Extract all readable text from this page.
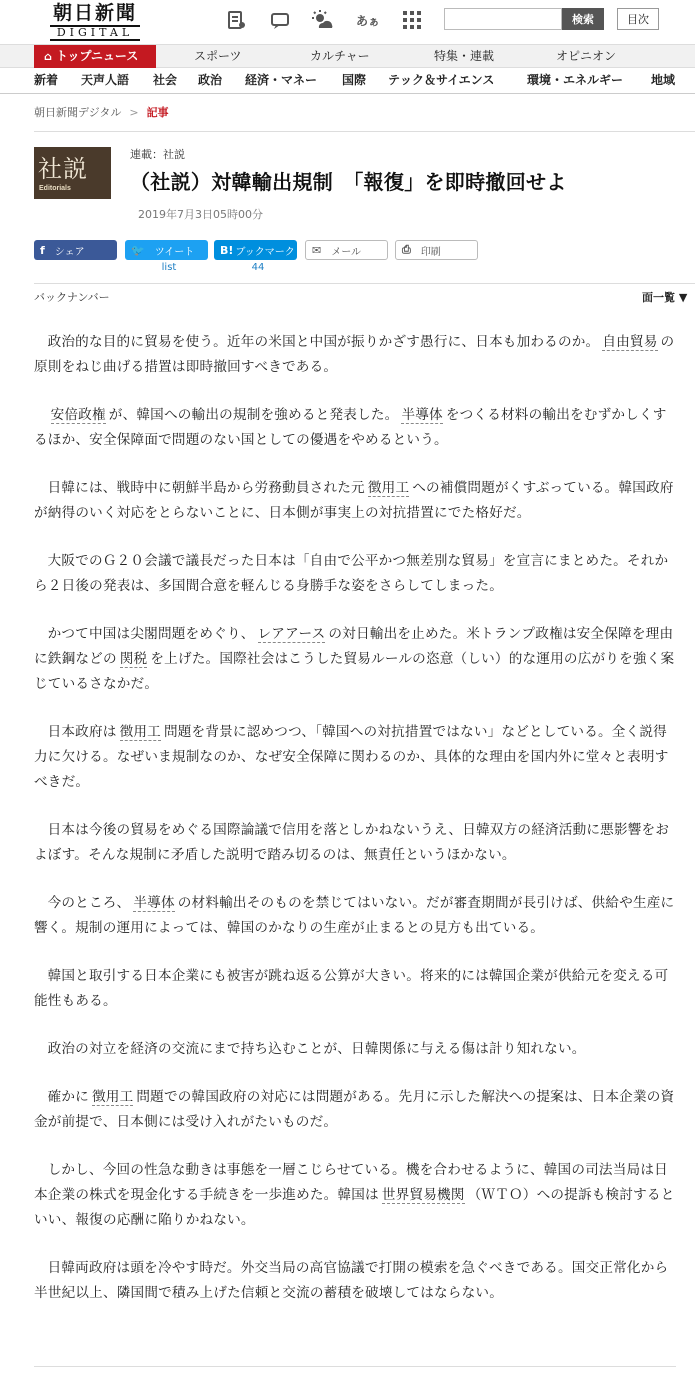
朝日新聞
DIGITAL
あぁ	検索	目次
⌂ トップニュース	スポーツ	カルチャー	特集・連載	オピニオン
新着 天声人語 社会 政治 経済・マネー 国際 テック＆サイエンス	環境・エネルギー 地域
朝日新聞デジタル > 記事
社説
Editorials
連載：社説
（社説）対韓輸出規制　「報復」を即時撤回せよ
2019年7月3日05時00分
f シェア	🐦 ツイート B! ブックマーク ✉ メール	⎙ 印刷
list	44
バックナンバー	面一覧 ▼

政治的な目的に貿易を使う。近年の米国と中国が振りかざす愚行に、日本も加わるのか。 自由貿易 の原則をねじ曲げる措置は即時撤回すべきである。

安倍政権 が、韓国への輸出の規制を強めると発表した。 半導体 をつくる材料の輸出をむずかしくするほか、安全保障面で問題のない国としての優遇をやめるという。

日韓には、戦時中に朝鮮半島から労務動員された元 徴用工 への補償問題がくすぶっている。韓国政府が納得のいく対応をとらないことに、日本側が事実上の対抗措置にでた格好だ。

大阪でのＧ２０会議で議長だった日本は「自由で公平かつ無差別な貿易」を宣言にまとめた。それから２日後の発表は、多国間合意を軽んじる身勝手な姿をさらしてしまった。

かつて中国は尖閣問題をめぐり、 レアアース の対日輸出を止めた。米トランプ政権は安全保障を理由に鉄鋼などの 関税 を上げた。国際社会はこうした貿易ルールの恣意（しい）的な運用の広がりを強く案じているさなかだ。

日本政府は 徴用工 問題を背景に認めつつ、「韓国への対抗措置ではない」などとしている。全く説得力に欠ける。なぜいま規制なのか、なぜ安全保障に関わるのか、具体的な理由を国内外に堂々と表明すべきだ。

日本は今後の貿易をめぐる国際論議で信用を落としかねないうえ、日韓双方の経済活動に悪影響をおよぼす。そんな規制に矛盾した説明で踏み切るのは、無責任というほかない。

今のところ、 半導体 の材料輸出そのものを禁じてはいない。だが審査期間が長引けば、供給や生産に響く。規制の運用によっては、韓国のかなりの生産が止まるとの見方も出ている。

韓国と取引する日本企業にも被害が跳ね返る公算が大きい。将来的には韓国企業が供給元を変える可能性もある。

政治の対立を経済の交流にまで持ち込むことが、日韓関係に与える傷は計り知れない。

確かに 徴用工 問題での韓国政府の対応には問題がある。先月に示した解決への提案は、日本企業の資金が前提で、日本側には受け入れがたいものだ。

しかし、今回の性急な動きは事態を一層こじらせている。機を合わせるように、韓国の司法当局は日本企業の株式を現金化する手続きを一歩進めた。韓国は 世界貿易機関 （ＷＴＯ）への提訴も検討するといい、報復の応酬に陥りかねない。

日韓両政府は頭を冷やす時だ。外交当局の高官協議で打開の模索を急ぐべきである。国交正常化から半世紀以上、隣国間で積み上げた信頼と交流の蓄積を破壊してはならない。
